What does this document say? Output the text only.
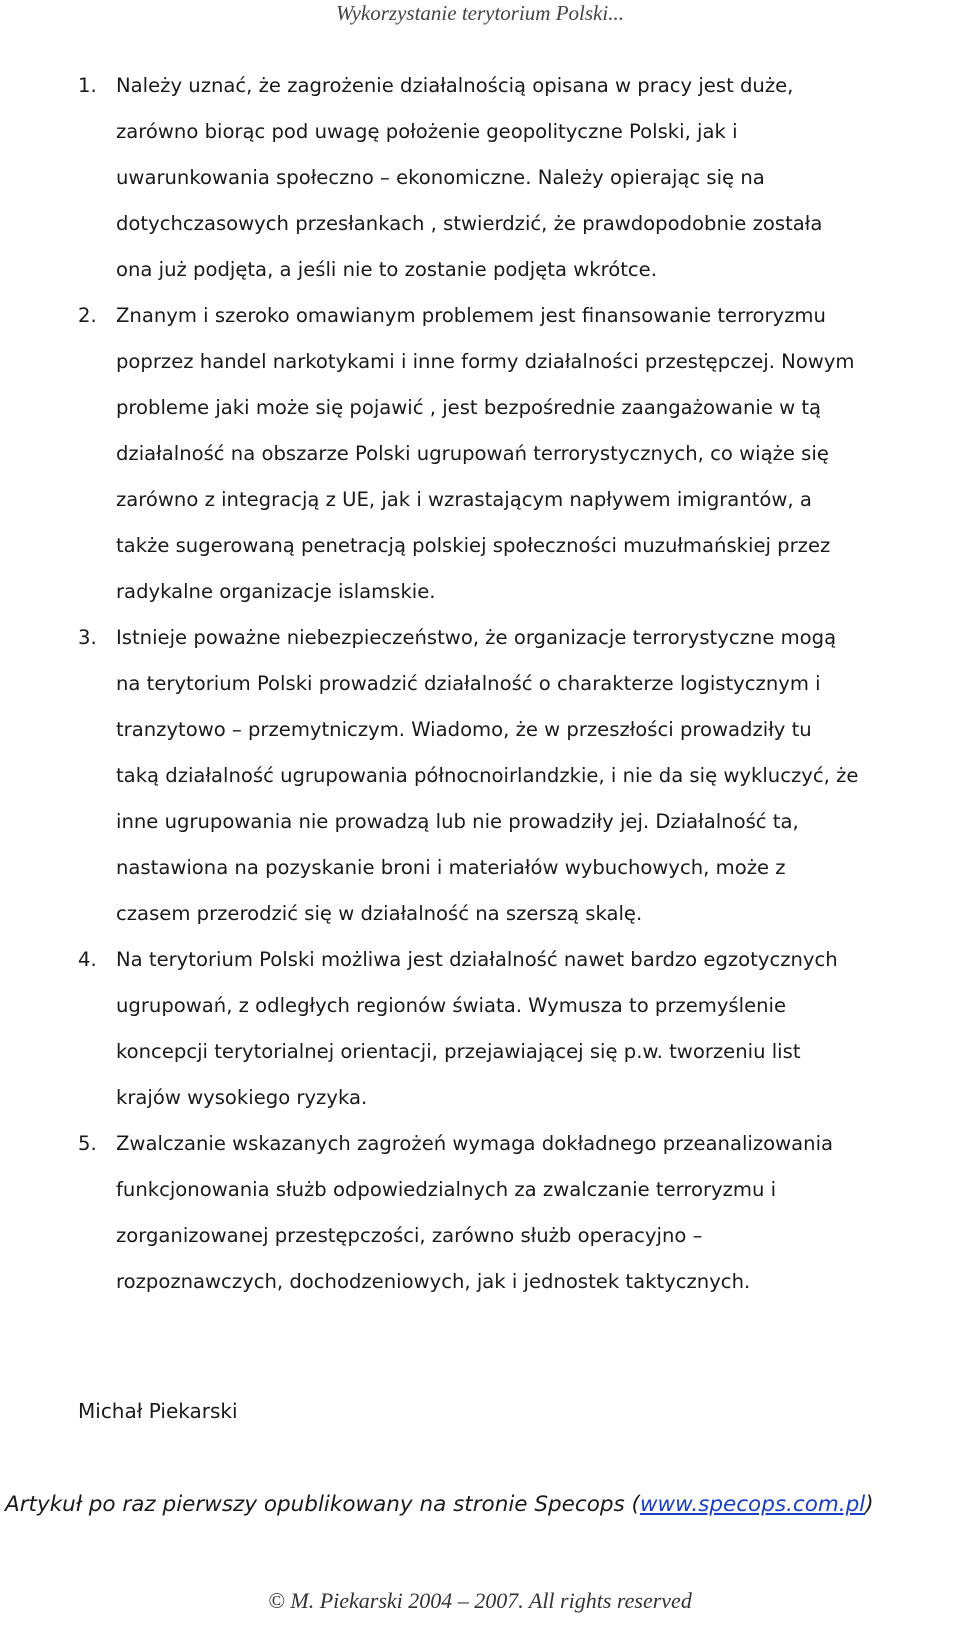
Wykorzystanie terytorium Polski...
1. Należy uznać, że zagrożenie działalnością opisana w pracy jest duże,
zarówno biorąc pod uwagę położenie geopolityczne Polski, jak i
uwarunkowania społeczno – ekonomiczne. Należy opierając się na
dotychczasowych przesłankach , stwierdzić, że prawdopodobnie została
ona już podjęta, a jeśli nie to zostanie podjęta wkrótce.
2. Znanym i szeroko omawianym problemem jest finansowanie terroryzmu
poprzez handel narkotykami i inne formy działalności przestępczej. Nowym
probleme jaki może się pojawić , jest bezpośrednie zaangażowanie w tą
działalność na obszarze Polski ugrupowań terrorystycznych, co wiąże się
zarówno z integracją z UE, jak i wzrastającym napływem imigrantów, a
także sugerowaną penetracją polskiej społeczności muzułmańskiej przez
radykalne organizacje islamskie.
3. Istnieje poważne niebezpieczeństwo, że organizacje terrorystyczne mogą
na terytorium Polski prowadzić działalność o charakterze logistycznym i
tranzytowo – przemytniczym. Wiadomo, że w przeszłości prowadziły tu
taką działalność ugrupowania północnoirlandzkie, i nie da się wykluczyć, że
inne ugrupowania nie prowadzą lub nie prowadziły jej. Działalność ta,
nastawiona na pozyskanie broni i materiałów wybuchowych, może z
czasem przerodzić się w działalność na szerszą skalę.
4. Na terytorium Polski możliwa jest działalność nawet bardzo egzotycznych
ugrupowań, z odległych regionów świata. Wymusza to przemyślenie
koncepcji terytorialnej orientacji, przejawiającej się p.w. tworzeniu list
krajów wysokiego ryzyka.
5. Zwalczanie wskazanych zagrożeń wymaga dokładnego przeanalizowania
funkcjonowania służb odpowiedzialnych za zwalczanie terroryzmu i
zorganizowanej przestępczości, zarówno służb operacyjno –
rozpoznawczych, dochodzeniowych, jak i jednostek taktycznych.
Michał Piekarski
Artykuł po raz pierwszy opublikowany na stronie Specops (www.specops.com.pl)
© M. Piekarski 2004 – 2007. All rights reserved
